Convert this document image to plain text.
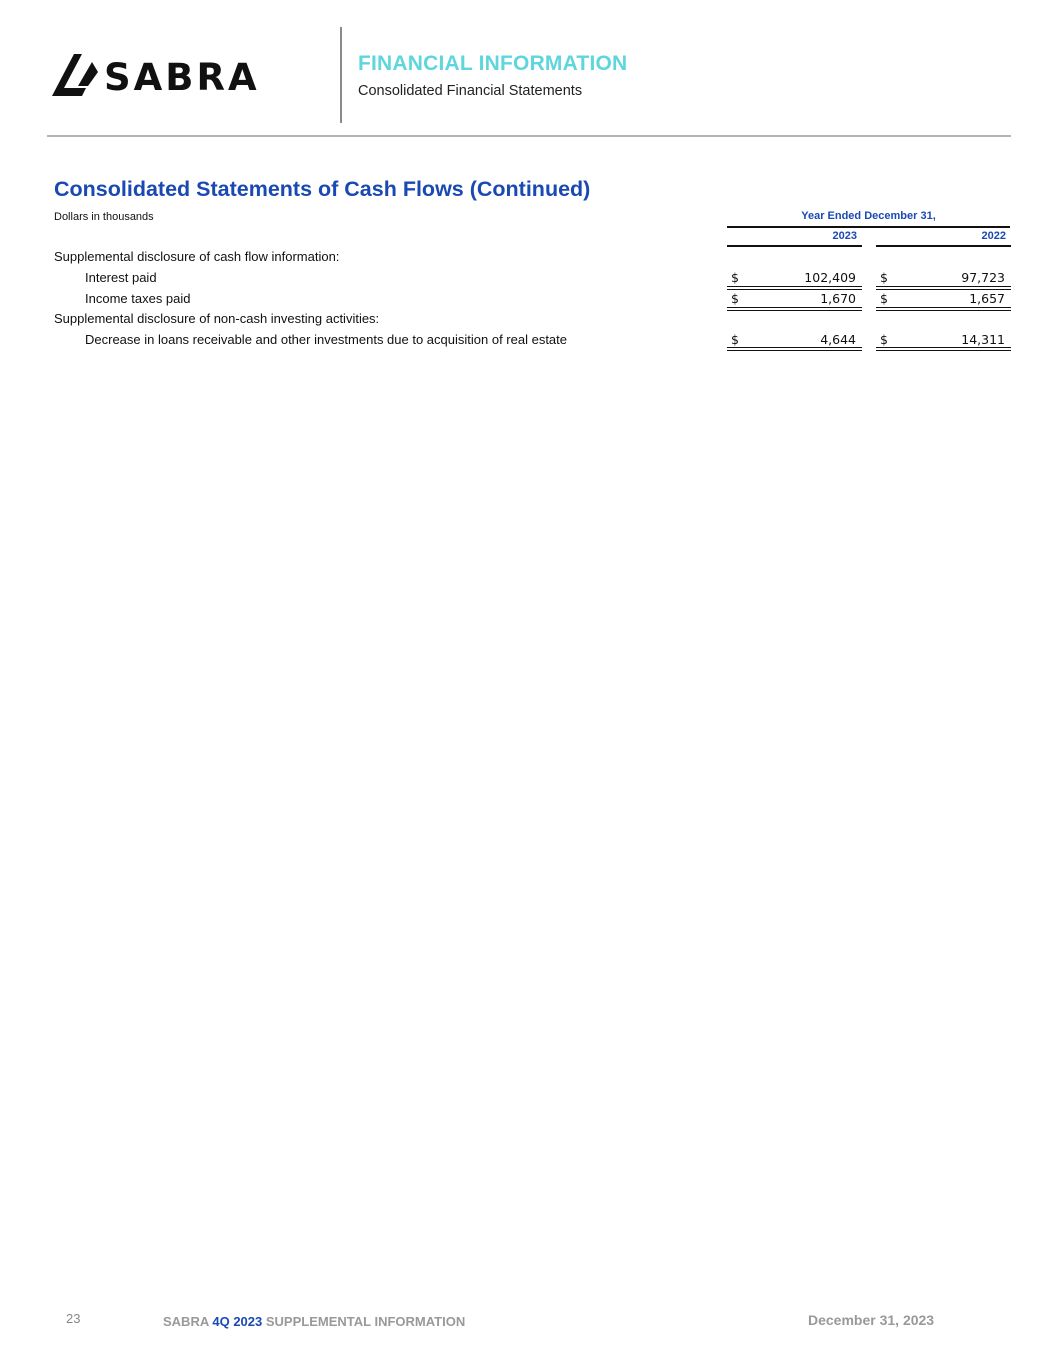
SABRA	FINANCIAL INFORMATION
Consolidated Financial Statements
Consolidated Statements of Cash Flows (Continued)
Dollars in thousands	Year Ended December 31,
2023	2022
Supplemental disclosure of cash flow information:
Interest paid	$	102,409 $	97,723
Income taxes paid	$	1,670 $	1,657
Supplemental disclosure of non-cash investing activities:
Decrease in loans receivable and other investments due to acquisition of real estate	$	4,644 $	14,311
23	SABRA 4Q 2023 SUPPLEMENTAL INFORMATION	December 31, 2023
